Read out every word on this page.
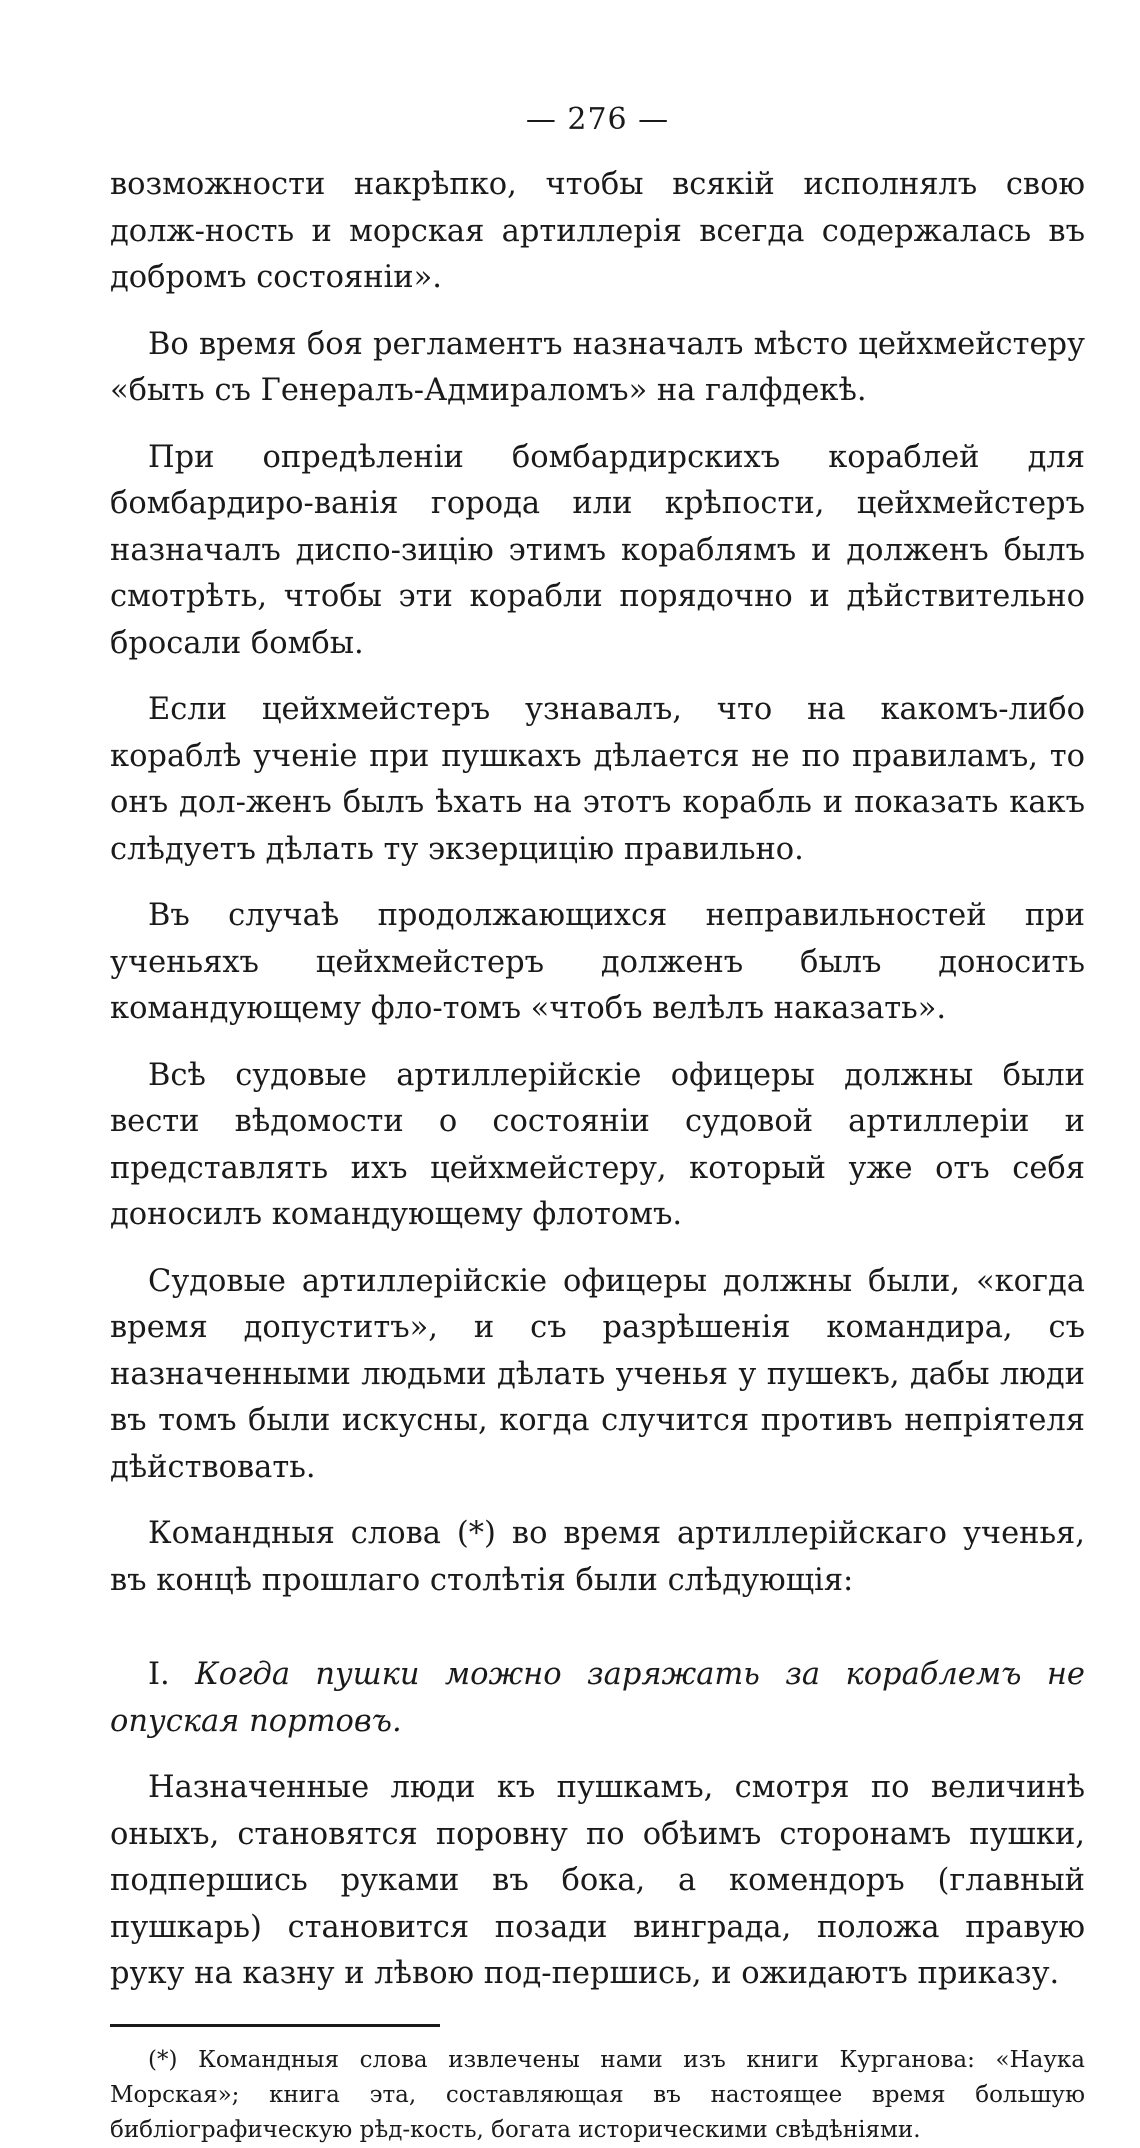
— 276 —

возможности накрѣпко, чтобы всякій исполнялъ свою долж-ность и морская артиллерія всегда содержалась въ добромъ состояніи».

Во время боя регламентъ назначалъ мѣсто цейхмейстеру «быть съ Генералъ-Адмираломъ» на галфдекѣ.

При опредѣленіи бомбардирскихъ кораблей для бомбардиро-ванія города или крѣпости, цейхмейстеръ назначалъ диспо-зицію этимъ кораблямъ и долженъ былъ смотрѣть, чтобы эти корабли порядочно и дѣйствительно бросали бомбы.

Если цейхмейстеръ узнавалъ, что на какомъ-либо кораблѣ ученіе при пушкахъ дѣлается не по правиламъ, то онъ дол-женъ былъ ѣхать на этотъ корабль и показать какъ слѣдуетъ дѣлать ту экзерцицію правильно.

Въ случаѣ продолжающихся неправильностей при ученьяхъ цейхмейстеръ долженъ былъ доносить командующему фло-томъ «чтобъ велѣлъ наказать».

Всѣ судовые артиллерійскіе офицеры должны были вести вѣдомости о состояніи судовой артиллеріи и представлять ихъ цейхмейстеру, который уже отъ себя доносилъ командующему флотомъ.

Судовые артиллерійскіе офицеры должны были, «когда время допуститъ», и съ разрѣшенія командира, съ назначенными людьми дѣлать ученья у пушекъ, дабы люди въ томъ были искусны, когда случится противъ непріятеля дѣйствовать.

Командныя слова (*) во время артиллерійскаго ученья, въ концѣ прошлаго столѣтія были слѣдующія:

I. Когда пушки можно заряжать за кораблемъ не опуская портовъ.

Назначенные люди къ пушкамъ, смотря по величинѣ оныхъ, становятся поровну по обѣимъ сторонамъ пушки, подпершись руками въ бока, а комендоръ (главный пушкарь) становится позади винграда, положа правую руку на казну и лѣвою под-першись, и ожидаютъ приказу.

(*) Командныя слова извлечены нами изъ книги Курганова: «Наука Морская»; книга эта, составляющая въ настоящее время большую библіографическую рѣд-кость, богата историческими свѣдѣніями.
